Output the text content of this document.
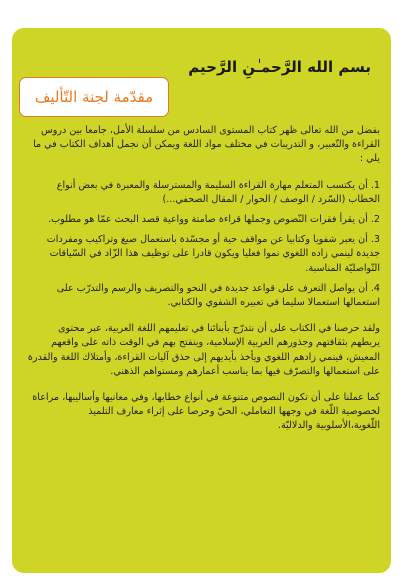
بسم الله الرَّحمـٰنِ الرَّحيم
مقدّمة لجنة التّأليف

بفضل من الله تعالى ظهر كتاب المستوى السادس من سلسلة الأمل، جامعا بين دروس القراءة والتّعبير، و التدريبات في مختلف مواد اللغة ويمكن أن نجمل أهداف الكتاب في ما يلي :

1. أن يكتسب المتعلم مهارة القراءة السليمة والمسترسلة والمعبرة في بعض أنواع الخطاب (السّرد / الوصف / الحوار / المقال الصحفي...)

2. أن يقرأ فقرات النّصوص وجملها قراءة صامتة وواعية قصد البحث عمّا هو مطلوب.

3. أن يعبر شفويا وكتابيا عن مواقف حية أو مجسّدة باستعمال صيغ وتراكيب ومفردات جديدة لينمي زاده اللغوي نموا فعليا ويكون قادرا على توظيف هذا الزّاد في السّياقات التّواصليّة المناسبة.

4. أن يواصل التعرف على قواعد جديدة في النحو والتصريف والرسم والتدرّب على استعمالها استعمالا سليما في تعبيره الشفوي والكتابي.

ولقد حرصنا في الكتاب على أن نتدرّج بأبنائنا في تعليمهم اللغة العربية، عبر محتوى يربطهم بثقافتهم وجذورهم العربية الإسلامية، وينفتح بهم في الوقت ذاته على واقعهم المعيش، فينمي زادهم اللغوي ويأخذ بأيديهم إلى حذق آليات القراءة، وأمتلاك اللغة والقدرة على استعمالها والتصرّف فيها بما يناسب أعمارهم ومستواهم الذهني.

كما عملنا على أن تكون النصوص متنوعة في أنواع خطابها، وفي معانيها وأساليبها، مراعاة لخصوصية اللّغة في وجهها التعاملي، الحيّ وحرصا على إثراء معارف التلميذ اللّغوية،الأسلوبية والدلاليّة.
